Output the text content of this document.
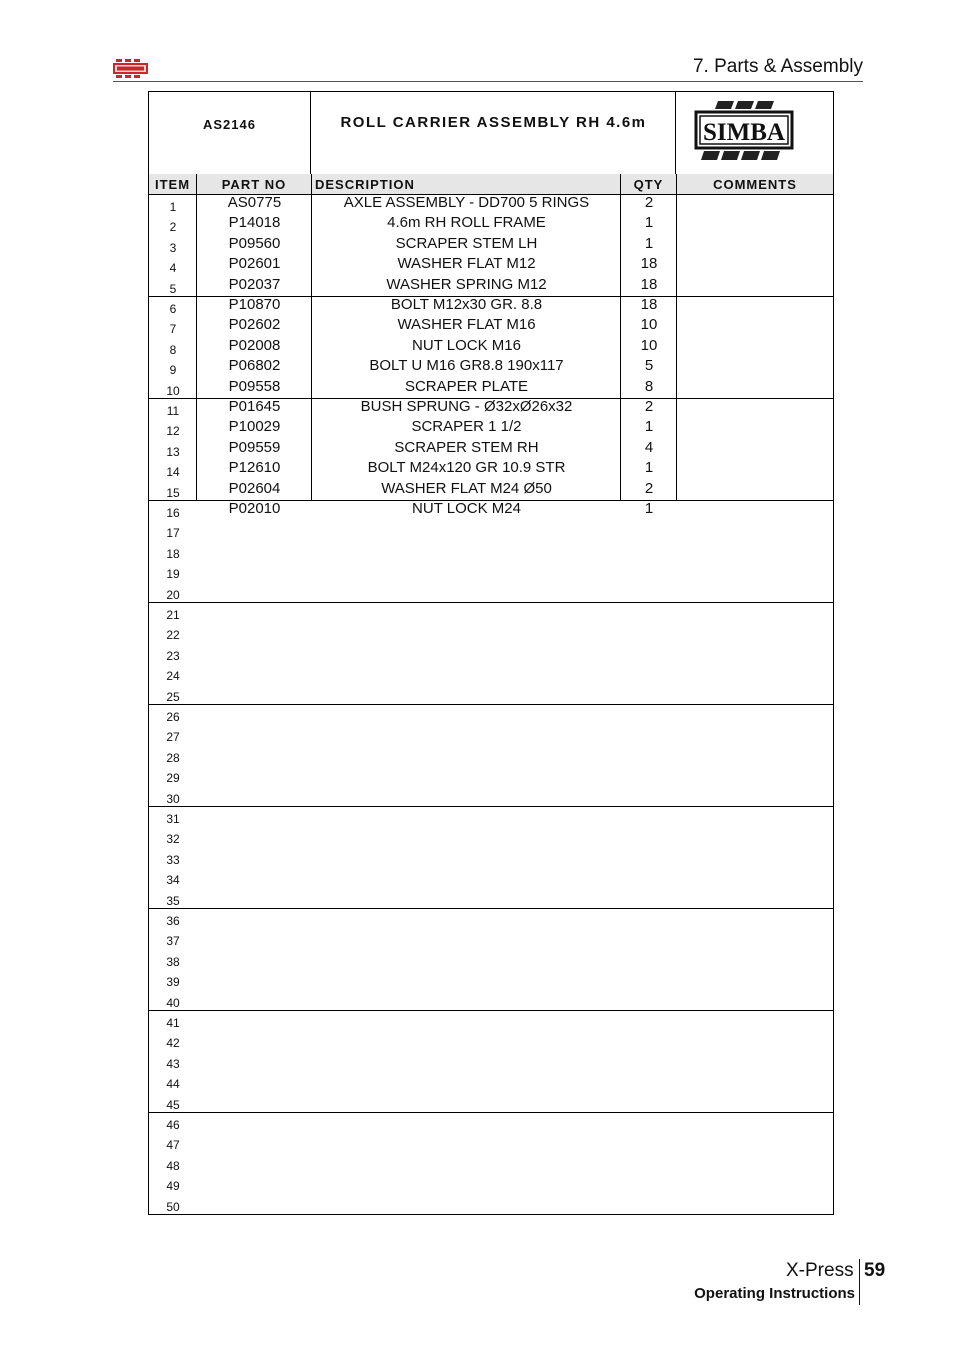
7. Parts & Assembly
AS2146	ROLL CARRIER ASSEMBLY RH 4.6m	SIMBA
ITEM	PART NO	DESCRIPTION	QTY	COMMENTS
1	AS0775	AXLE ASSEMBLY - DD700 5 RINGS	2
2	P14018	4.6m RH ROLL FRAME	1
3	P09560	SCRAPER STEM LH	1
4	P02601	WASHER FLAT M12	18
5	P02037	WASHER SPRING M12	18
6	P10870	BOLT M12x30 GR. 8.8	18
7	P02602	WASHER FLAT M16	10
8	P02008	NUT LOCK M16	10
9	P06802	BOLT U M16 GR8.8 190x117	5
10	P09558	SCRAPER PLATE	8
11	P01645	BUSH SPRUNG - Ø32xØ26x32	2
12	P10029	SCRAPER 1 1/2	1
13	P09559	SCRAPER STEM RH	4
14	P12610	BOLT M24x120 GR 10.9 STR	1
15	P02604	WASHER FLAT M24 Ø50	2
16	P02010	NUT LOCK M24	1
17
18
19
20
21
22
23
24
25
26
27
28
29
30
31
32
33
34
35
36
37
38
39
40
41
42
43
44
45
46
47
48
49
50
X-Press 59
Operating Instructions
